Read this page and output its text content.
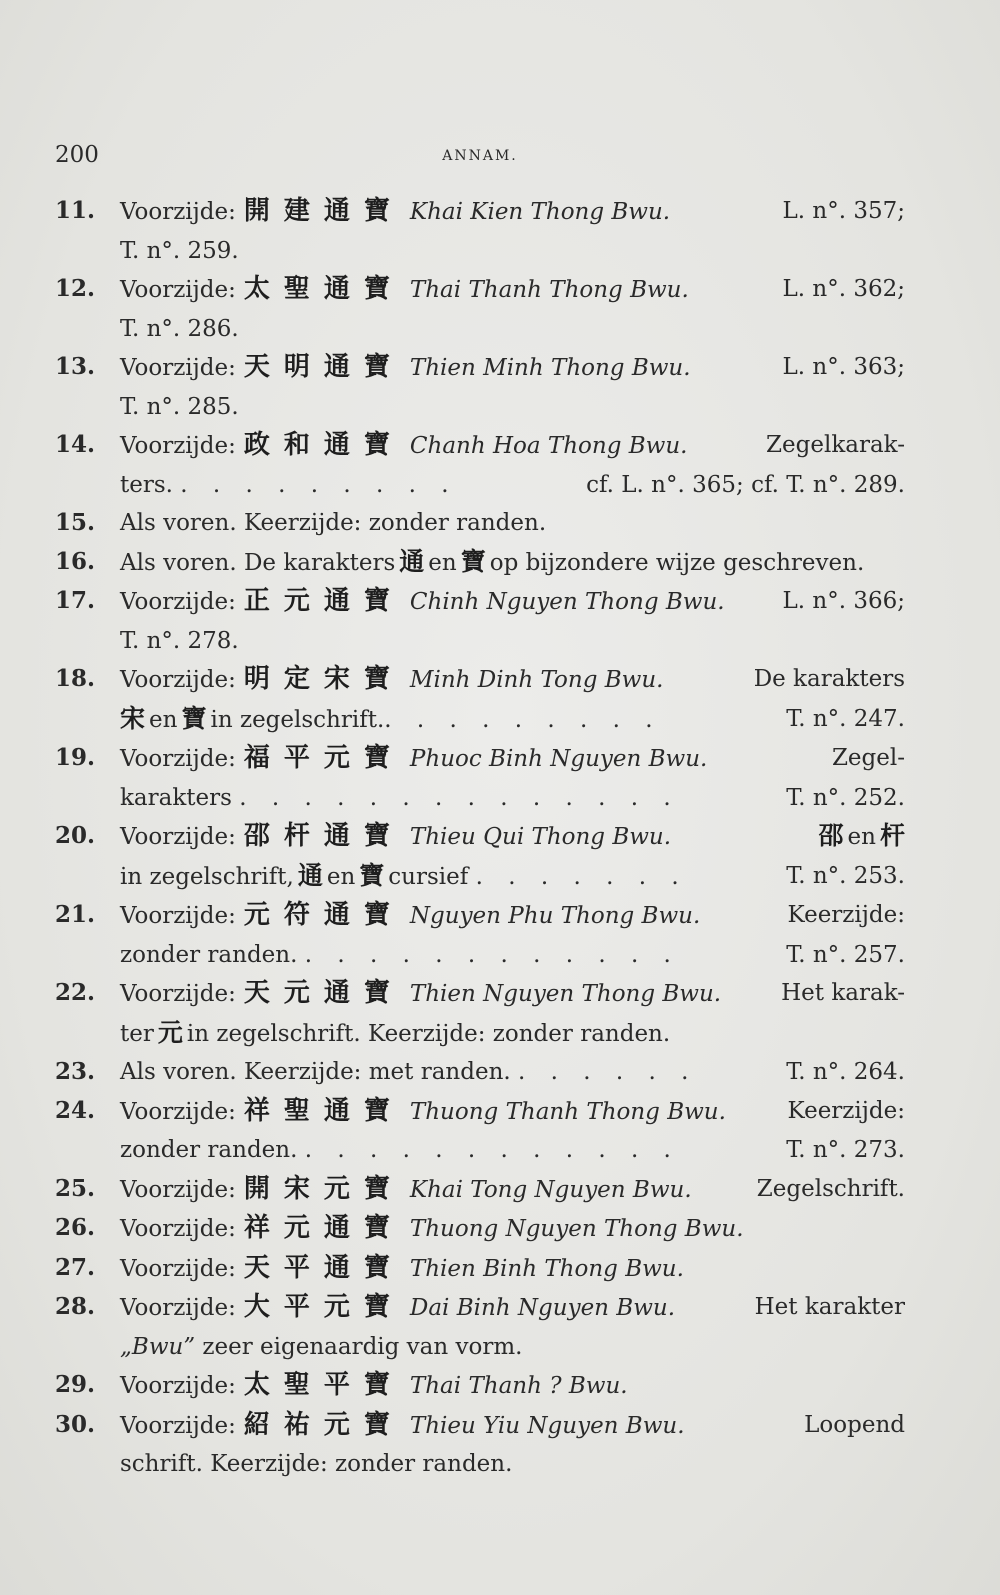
200	ANNAM.
11. Voorzijde: 開建通寶 Khai Kien Thong Bwu.	L. n°. 357;
T. n°. 259.
12. Voorzijde: 太聖通寶 Thai Thanh Thong Bwu.	L. n°. 362;
T. n°. 286.
13. Voorzijde: 天明通寶 Thien Minh Thong Bwu.	L. n°. 363;
T. n°. 285.
14. Voorzijde: 政和通寶 Chanh Hoa Thong Bwu.	Zegelkarak-
ters. . . . . . . . . .	cf. L. n°. 365; cf. T. n°. 289.
15. Als voren. Keerzijde: zonder randen.
16. Als voren. De karakters 通 en 寶 op bijzondere wijze geschreven.
17. Voorzijde: 正元通寶 Chinh Nguyen Thong Bwu.	L. n°. 366;
T. n°. 278.
18. Voorzijde: 明定宋寶 Minh Dinh Tong Bwu.	De karakters
宋 en 寶 in zegelschrift.. . . . . . . . .	T. n°. 247.
19. Voorzijde: 福平元寶 Phuoc Binh Nguyen Bwu.	Zegel-
karakters . . . . . . . . . . . . . .	T. n°. 252.
20. Voorzijde: 邵杆通寶 Thieu Qui Thong Bwu.	邵 en 杆
in zegelschrift, 通 en 寶 cursief . . . . . . .	T. n°. 253.
21. Voorzijde: 元符通寶 Nguyen Phu Thong Bwu.	Keerzijde:
zonder randen. . . . . . . . . . . . .	T. n°. 257.
22. Voorzijde: 天元通寶 Thien Nguyen Thong Bwu.	Het karak-
ter 元 in zegelschrift. Keerzijde: zonder randen.
23. Als voren. Keerzijde: met randen. . . . . . .	T. n°. 264.
24. Voorzijde: 祥聖通寶 Thuong Thanh Thong Bwu.	Keerzijde:
zonder randen. . . . . . . . . . . . .	T. n°. 273.
25. Voorzijde: 開宋元寶 Khai Tong Nguyen Bwu.	Zegelschrift.
26. Voorzijde: 祥元通寶 Thuong Nguyen Thong Bwu.
27. Voorzijde: 天平通寶 Thien Binh Thong Bwu.
28. Voorzijde: 大平元寶 Dai Binh Nguyen Bwu.	Het karakter
„Bwu” zeer eigenaardig van vorm.
29. Voorzijde: 太聖平寶 Thai Thanh ? Bwu.
30. Voorzijde: 紹祐元寶 Thieu Yiu Nguyen Bwu.	Loopend
schrift. Keerzijde: zonder randen.
